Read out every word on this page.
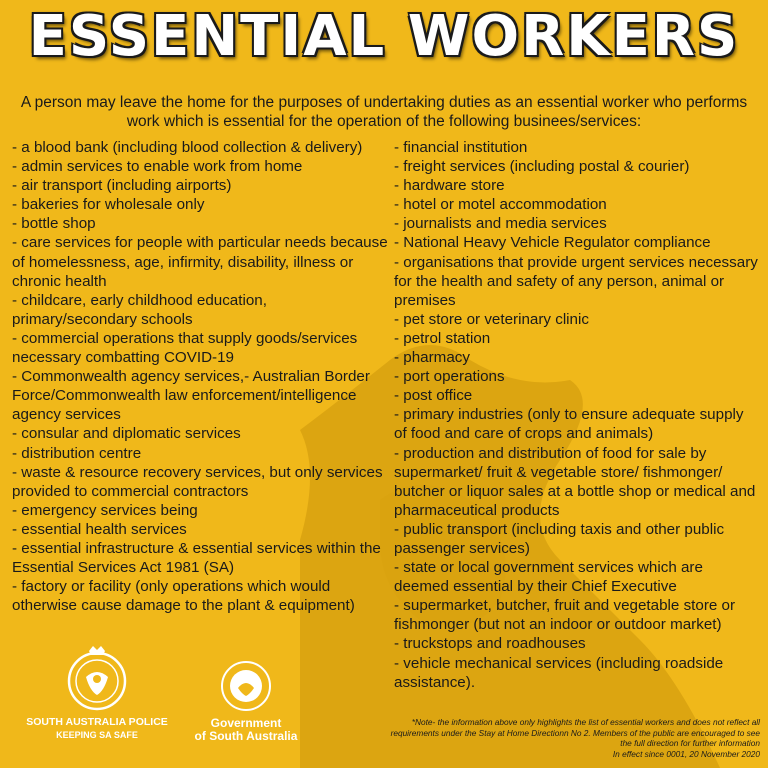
ESSENTIAL WORKERS
A person may leave the home for the purposes of undertaking duties as an essential worker who performs work which is essential for the operation of the following businees/services:
- a blood bank (including blood collection & delivery)
- admin services to enable work from home
- air transport (including airports)
- bakeries for wholesale only
- bottle shop
- care services for people with particular needs because of homelessness, age, infirmity, disability, illness or chronic health
- childcare, early childhood education, primary/secondary schools
- commercial operations that supply goods/services necessary combatting COVID-19
- Commonwealth agency services,- Australian Border Force/Commonwealth law enforcement/intelligence agency services
- consular and diplomatic services
- distribution centre
- waste & resource recovery services, but only services provided to commercial contractors
- emergency services being
- essential health services
- essential infrastructure & essential services within the Essential Services Act 1981 (SA)
- factory or facility (only operations which would otherwise cause damage to the plant & equipment)
- financial institution
- freight services (including postal & courier)
- hardware store
- hotel or motel accommodation
- journalists and media services
- National Heavy Vehicle Regulator compliance
- organisations that provide urgent services necessary for the health and safety of any person, animal or premises
- pet store or veterinary clinic
- petrol station
- pharmacy
- port operations
- post office
- primary industries (only to ensure adequate supply of food and care of crops and animals)
- production and distribution of food for sale by supermarket/ fruit & vegetable store/ fishmonger/ butcher or liquor sales at a bottle shop or medical and pharmaceutical products
- public transport (including taxis and other public passenger services)
- state or local government services which are deemed essential by their Chief Executive
- supermarket, butcher, fruit and vegetable store or fishmonger (but not an indoor or outdoor market)
- truckstops and roadhouses
- vehicle mechanical services (including roadside assistance).
SOUTH AUSTRALIA POLICE
KEEPING SA SAFE
Government
of South Australia
*Note- the information above only highlights the list of essential workers and does not reflect all
requirements under the Stay at Home Directionn No 2. Members of the public are encouraged to see
the full direction for further information
In effect since 0001, 20 November 2020
